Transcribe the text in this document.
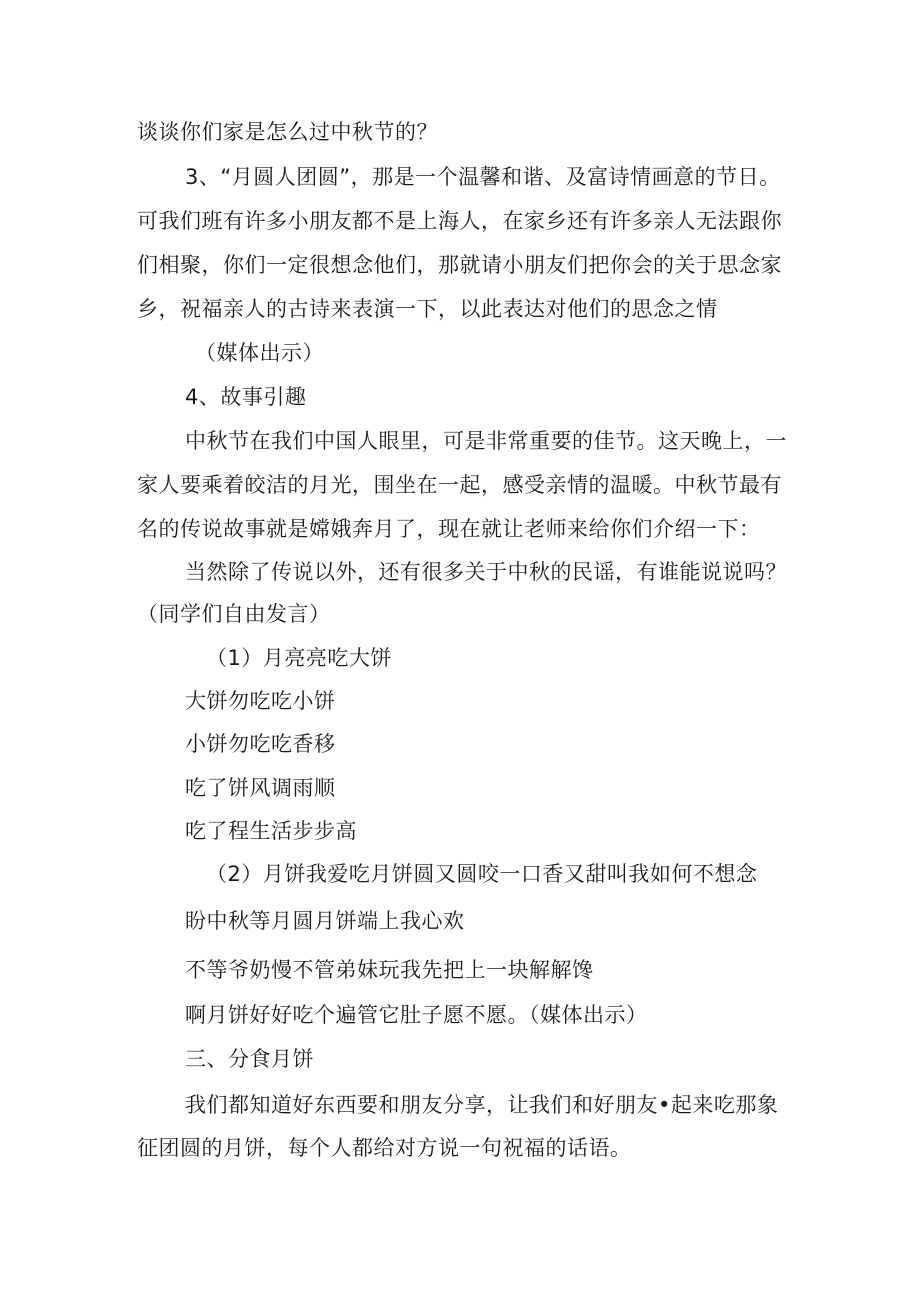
谈谈你们家是怎么过中秋节的？

3、“月圆人团圆”，那是一个温馨和谐、及富诗情画意的节日。

可我们班有许多小朋友都不是上海人，在家乡还有许多亲人无法跟你

们相聚，你们一定很想念他们，那就请小朋友们把你会的关于思念家

乡，祝福亲人的古诗来表演一下，以此表达对他们的思念之情

（媒体出示）

4、故事引趣

中秋节在我们中国人眼里，可是非常重要的佳节。这天晚上，一

家人要乘着皎洁的月光，围坐在一起，感受亲情的温暖。中秋节最有

名的传说故事就是嫦娥奔月了，现在就让老师来给你们介绍一下：

当然除了传说以外，还有很多关于中秋的民谣，有谁能说说吗？

（同学们自由发言）

（1）月亮亮吃大饼

大饼勿吃吃小饼

小饼勿吃吃香移

吃了饼风调雨顺

吃了程生活步步高

（2）月饼我爱吃月饼圆又圆咬一口香又甜叫我如何不想念

盼中秋等月圆月饼端上我心欢

不等爷奶慢不管弟妹玩我先把上一块解解馋

啊月饼好好吃个遍管它肚子愿不愿。（媒体出示）

三、分食月饼

我们都知道好东西要和朋友分享，让我们和好朋友•起来吃那象

征团圆的月饼，每个人都给对方说一句祝福的话语。
